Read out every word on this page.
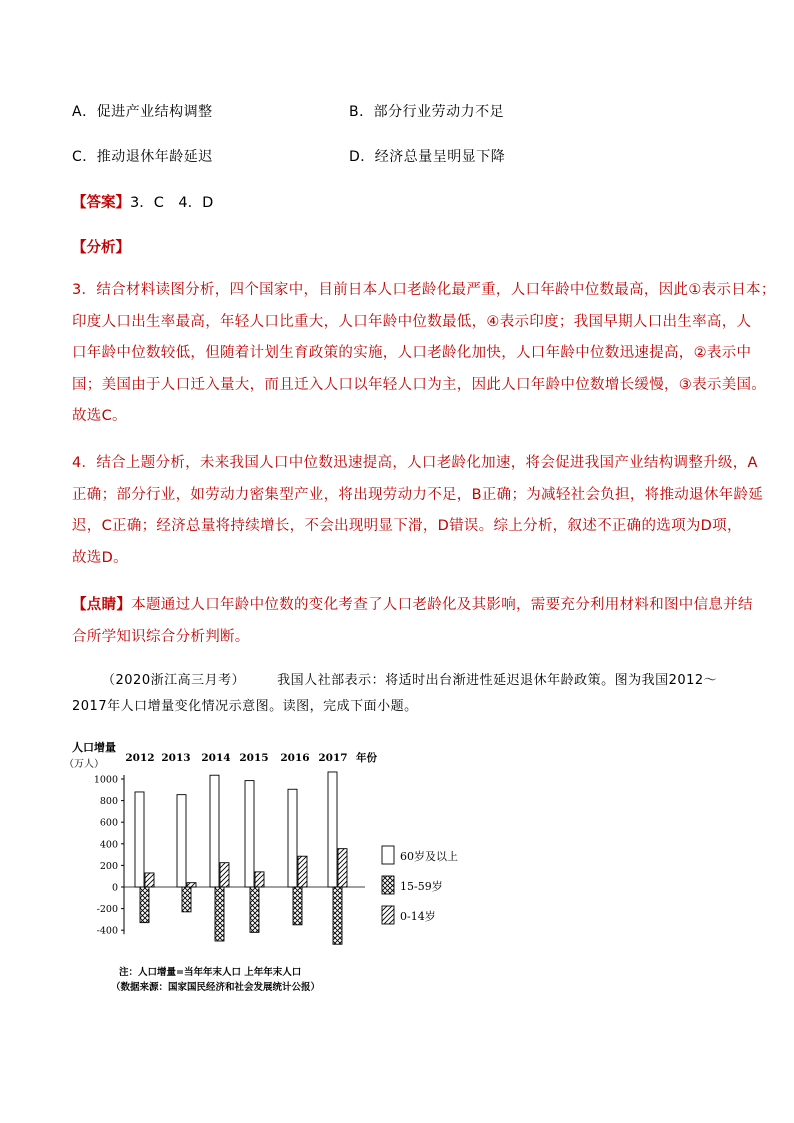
A．促进产业结构调整	B．部分行业劳动力不足
C．推动退休年龄延迟	D．经济总量呈明显下降
【答案】3．C　4．D
【分析】
3．结合材料读图分析，四个国家中，目前日本人口老龄化最严重，人口年龄中位数最高，因此①表示日本；
印度人口出生率最高，年轻人口比重大，人口年龄中位数最低，④表示印度；我国早期人口出生率高，人
口年龄中位数较低，但随着计划生育政策的实施，人口老龄化加快，人口年龄中位数迅速提高，②表示中
国；美国由于人口迁入量大，而且迁入人口以年轻人口为主，因此人口年龄中位数增长缓慢，③表示美国。
故选C。
4．结合上题分析，未来我国人口中位数迅速提高，人口老龄化加速，将会促进我国产业结构调整升级，A
正确；部分行业，如劳动力密集型产业，将出现劳动力不足，B正确；为减轻社会负担，将推动退休年龄延
迟，C正确；经济总量将持续增长，不会出现明显下滑，D错误。综上分析，叙述不正确的选项为D项，
故选D。
【点睛】本题通过人口年龄中位数的变化考查了人口老龄化及其影响，需要充分利用材料和图中信息并结
合所学知识综合分析判断。
（2020浙江高三月考） 我国人社部表示：将适时出台渐进性延迟退休年龄政策。图为我国2012～
2017年人口增量变化情况示意图。读图，完成下面小题。
人口增量
（万人）
1000
800
600
400
200
0
-200
-400
2012 2013 2014 2015 2016 2017 年份
60岁及以上
15-59岁
0-14岁
注：人口增量=当年年末人口 上年年末人口
（数据来源：国家国民经济和社会发展统计公报）
